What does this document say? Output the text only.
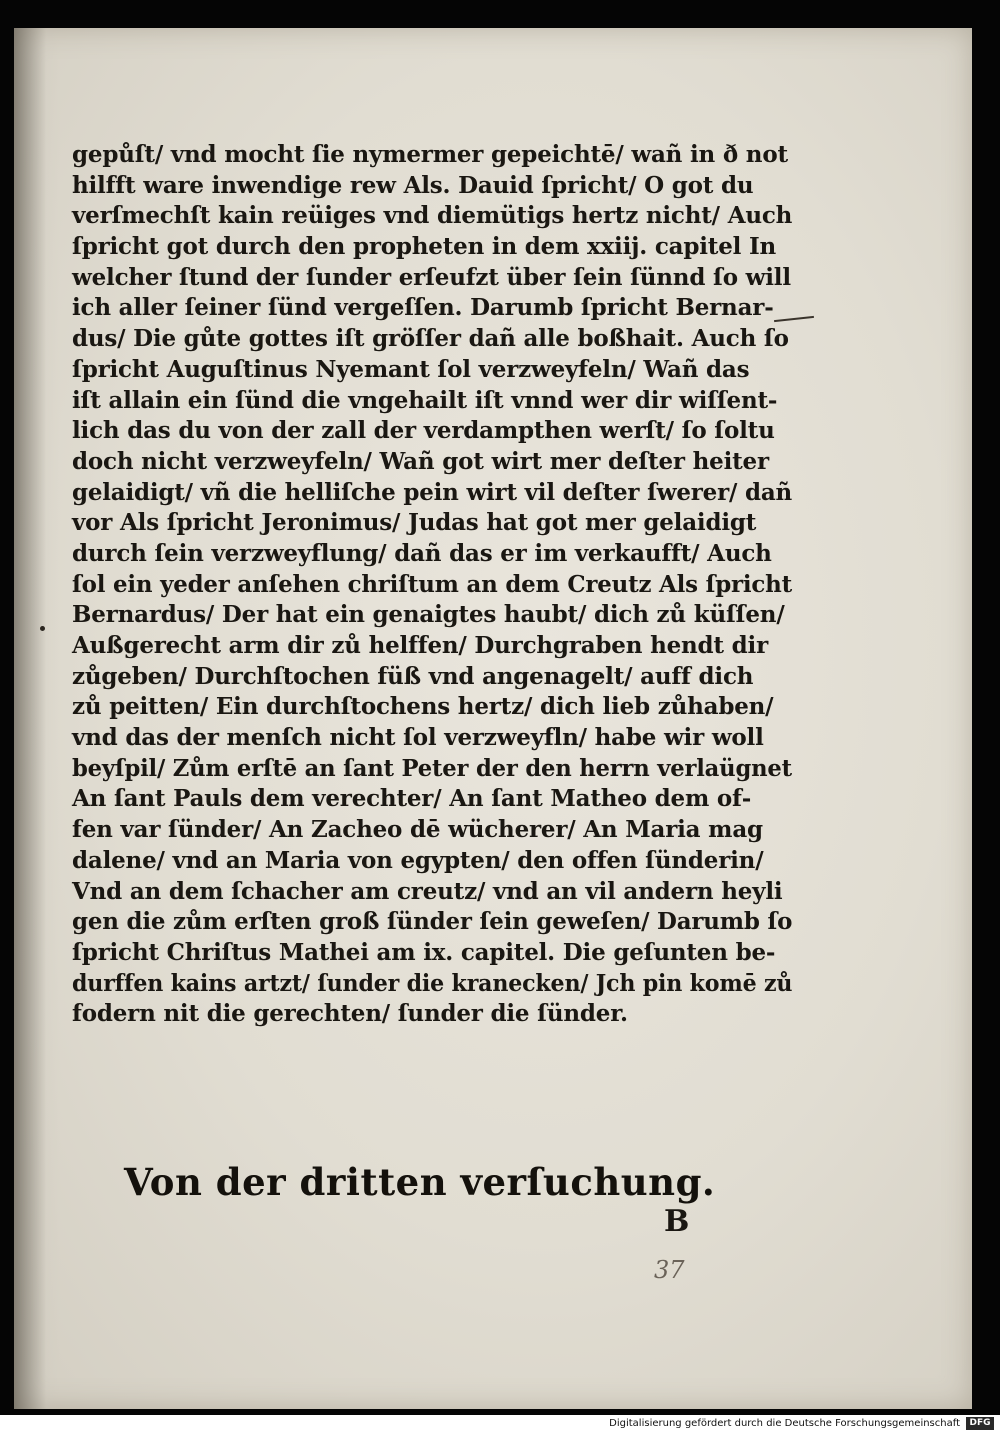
gepůſt/ vnd mocht ſie nymermer gepeichtē/ wañ in ð not
hilfft ware inwendige rew Als. Dauid ſpricht/ O got du
verſmechſt kain reüiges vnd diemütigs hertz nicht/ Auch
ſpricht got durch den propheten in dem xxiij. capitel In
welcher ſtund der ſunder erſeufzt über ſein ſünnd ſo will
ich aller ſeiner ſünd vergeſſen. Darumb ſpricht Bernar‑
dus/ Die gůte gottes iſt gröſſer dañ alle boßhait. Auch ſo
ſpricht Auguſtinus Nyemant ſol verzweyfeln/ Wañ das
iſt allain ein ſünd die vngehailt iſt vnnd wer dir wiſſent‑
lich das du von der zall der verdampthen werſt/ ſo ſoltu
doch nicht verzweyfeln/ Wañ got wirt mer deſter heiter
gelaidigt/ vñ die helliſche pein wirt vil deſter ſwerer/ dañ
vor Als ſpricht Jeronimus/ Judas hat got mer gelaidigt
durch ſein verzweyflung/ dañ das er im verkaufft/ Auch
ſol ein yeder anſehen chriſtum an dem Creutz Als ſpricht
Bernardus/ Der hat ein genaigtes haubt/ dich zů küſſen/
Außgerecht arm dir zů helffen/ Durchgraben hendt dir
zůgeben/ Durchſtochen füß vnd angenagelt/ auff dich
zů peitten/ Ein durchſtochens hertz/ dich lieb zůhaben/
vnd das der menſch nicht ſol verzweyfln/ habe wir woll
beyſpil/ Zům erſtē an ſant Peter der den herrn verlaügnet
An ſant Pauls dem verechter/ An ſant Matheo dem of‑
fen var ſünder/ An Zacheo dē wücherer/ An Maria mag
dalene/ vnd an Maria von egypten/ den offen ſünderin/
Vnd an dem ſchacher am creutz/ vnd an vil andern heyli
gen die zům erſten groß ſünder ſein geweſen/ Darumb ſo
ſpricht Chriſtus Mathei am ix. capitel. Die geſunten be‑
durffen kains artzt/ ſunder die kranecken/ Jch pin komē zů
fodern nit die gerechten/ ſunder die ſünder.
Von der dritten verſuchung.
B
37
Digitalisierung gefördert durch die Deutsche Forschungsgemeinschaft	DFG
